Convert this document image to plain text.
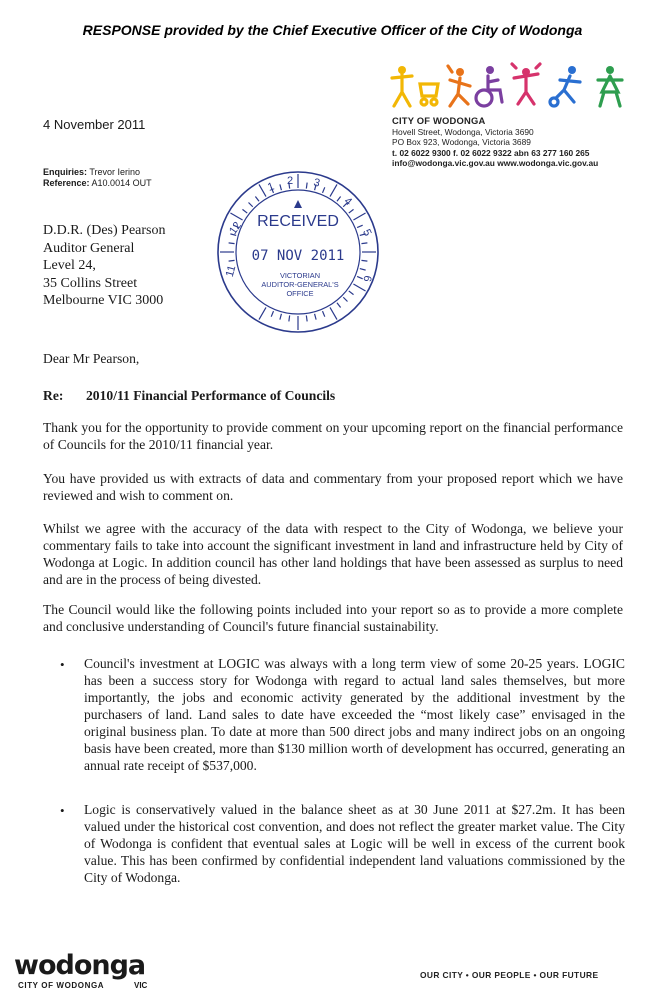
RESPONSE provided by the Chief Executive Officer of the City of Wodonga
CITY OF WODONGA
Hovell Street, Wodonga, Victoria 3690
PO Box 923, Wodonga, Victoria 3689
t. 02 6022 9300 f. 02 6022 9322 abn 63 277 160 265
info@wodonga.vic.gov.au www.wodonga.vic.gov.au
4 November 2011
Enquiries: Trevor Ierino
Reference: A10.0014 OUT
D.D.R. (Des) Pearson
Auditor General
Level 24,
35 Collins Street
Melbourne VIC 3000
11
12
1 2 3
4
5
6
RECEIVED
07 NOV 2011
VICTORIAN
AUDITOR-GENERAL'S
OFFICE
Dear Mr Pearson,
Re: 2010/11 Financial Performance of Councils
Thank you for the opportunity to provide comment on your upcoming report on the financial performance of Councils for the 2010/11 financial year.
You have provided us with extracts of data and commentary from your proposed report which we have reviewed and wish to comment on.
Whilst we agree with the accuracy of the data with respect to the City of Wodonga, we believe your commentary fails to take into account the significant investment in land and infrastructure held by City of Wodonga at Logic. In addition council has other land holdings that have been assessed as surplus to need and are in the process of being divested.
The Council would like the following points included into your report so as to provide a more complete and conclusive understanding of Council's future financial sustainability.
• Council's investment at LOGIC was always with a long term view of some 20-25 years. LOGIC has been a success story for Wodonga with regard to actual land sales themselves, but more importantly, the jobs and economic activity generated by the additional investment by the purchasers of land. Land sales to date have exceeded the “most likely case” envisaged in the original business plan. To date at more than 500 direct jobs and many indirect jobs on an ongoing basis have been created, more than $130 million worth of development has occurred, generating an annual rate receipt of $537,000.
• Logic is conservatively valued in the balance sheet as at 30 June 2011 at $27.2m. It has been valued under the historical cost convention, and does not reflect the greater market value. The City of Wodonga is confident that eventual sales at Logic will be well in excess of the current book value. This has been confirmed by confidential independent land valuations commissioned by the City of Wodonga.
wodonga
CITY OF WODONGA	VIC
OUR CITY • OUR PEOPLE • OUR FUTURE
